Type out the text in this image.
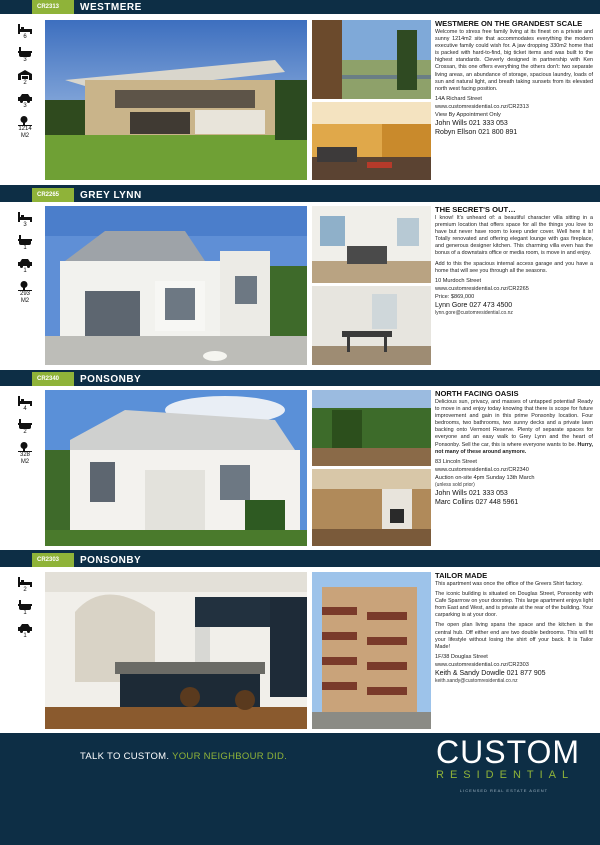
CR2313	WESTMERE
6
3
2
3
1214
M2
WESTMERE ON THE GRANDEST SCALE
Welcome to stress free family living at its finest on a private and sunny 1214m2 site that accommodates everything the modern executive family could wish for. A jaw dropping 330m2 home that is packed with hard-to-find, big ticket items and was built to the highest standards. Cleverly designed in partnership with Ken Crossan, this one offers everything the others don't: two separate living areas, an abundance of storage, spacious laundry, loads of sun and natural light, and breath taking sunsets from its elevated north west facing position.
14A Richard Street
www.customresidential.co.nz/CR2313
View By Appointment Only
John Wills 021 333 053
Robyn Ellson 021 800 891
CR2265	GREY LYNN
3
1
1
293
M2
THE SECRET'S OUT…
I know! It's unheard of: a beautiful character villa sitting in a premium location that offers space for all the things you love to have but never have room to keep under cover. Well here it is! Totally renovated and offering elegant lounge with gas fireplace, and generous designer kitchen. This charming villa even has the bonus of a downstairs office or media room, is move in and enjoy.
Add to this the spacious internal access garage and you have a home that will see you through all the seasons.
10 Murdoch Street
www.customresidential.co.nz/CR2265
Price: $869,000
Lynn Gore 027 473 4500
lynn.gore@customresidential.co.nz
CR2340	PONSONBY
4
2
328
M2
NORTH FACING OASIS
Delicious sun, privacy, and masses of untapped potential! Ready to move in and enjoy today knowing that there is scope for future improvement and gain in this prime Ponsonby location. Four bedrooms, two bathrooms, two sunny decks and a private lawn backing onto Vermont Reserve. Plenty of separate spaces for everyone and an easy walk to Grey Lynn and the heart of Ponsonby. Sell the car, this is where everyone wants to be. Hurry, not many of these around anymore.
83 Lincoln Street
www.customresidential.co.nz/CR2340
Auction on-site 4pm Sunday 13th March
(unless sold prior)
John Wills 021 333 053
Marc Collins 027 448 5961
CR2303	PONSONBY
2
1
1
TAILOR MADE
This apartment was once the office of the Greers Shirt factory.
The iconic building is situated on Douglas Street, Ponsonby with Cafe Sparrrow on your doorstep. This large apartment enjoys light from East and West, and is private at the rear of the building. Your carparking is at your door.
The open plan living spans the space and the kitchen is the central hub. Off either end are two double bedrooms. This will fit your lifestyle without losing the shirt off your back. It is Tailor Made!
1F/38 Douglas Street
www.customresidential.co.nz/CR2303
Keith & Sandy Dowdle 021 877 905
keith.sandy@customresidential.co.nz
TALK TO CUSTOM. YOUR NEIGHBOUR DID.	CUSTOM
RESIDENTIAL
LICENSED REAL ESTATE AGENT
